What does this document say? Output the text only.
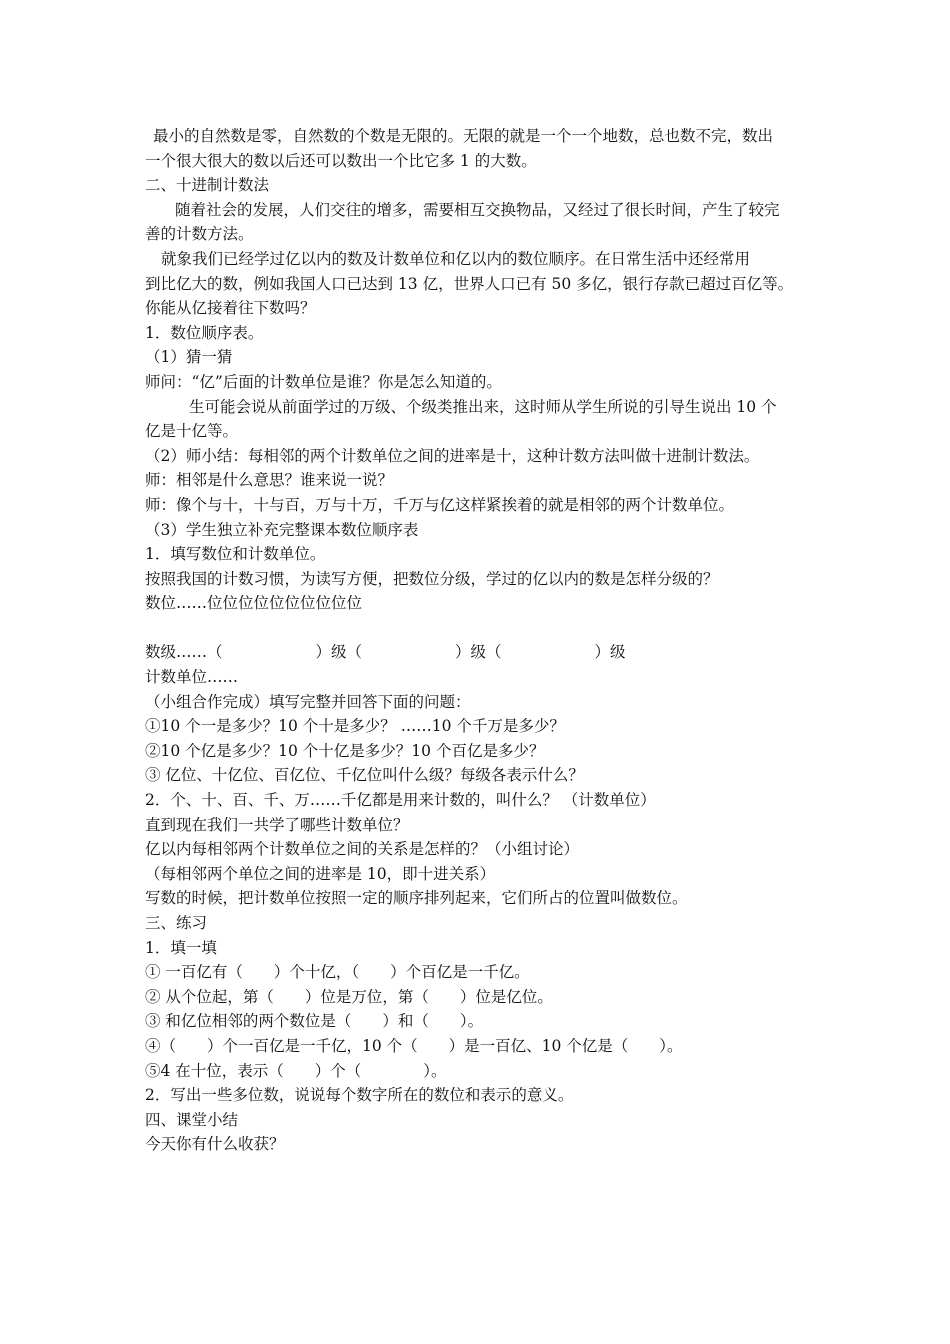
最小的自然数是零，自然数的个数是无限的。无限的就是一个一个地数，总也数不完，数出

一个很大很大的数以后还可以数出一个比它多 1 的大数。

二、十进制计数法

随着社会的发展，人们交往的增多，需要相互交换物品，又经过了很长时间，产生了较完

善的计数方法。

就象我们已经学过亿以内的数及计数单位和亿以内的数位顺序。在日常生活中还经常用

到比亿大的数，例如我国人口已达到 13 亿，世界人口已有 50 多亿，银行存款已超过百亿等。

你能从亿接着往下数吗？

1．数位顺序表。

（1）猜一猜

师问：“亿”后面的计数单位是谁？你是怎么知道的。

生可能会说从前面学过的万级、个级类推出来，这时师从学生所说的引导生说出 10 个

亿是十亿等。

（2）师小结：每相邻的两个计数单位之间的进率是十，这种计数方法叫做十进制计数法。

师：相邻是什么意思？谁来说一说？

师：像个与十，十与百，万与十万，千万与亿这样紧挨着的就是相邻的两个计数单位。

（3）学生独立补充完整课本数位顺序表

1．填写数位和计数单位。

按照我国的计数习惯，为读写方便，把数位分级，学过的亿以内的数是怎样分级的？

数位……位位位位位位位位位位

数级……（　　　　　　）级（　　　　　　）级（　　　　　　）级

计数单位……

（小组合作完成）填写完整并回答下面的问题：

①10 个一是多少？10 个十是多少？ ……10 个千万是多少？

②10 个亿是多少？10 个十亿是多少？10 个百亿是多少？

③ 亿位、十亿位、百亿位、千亿位叫什么级？每级各表示什么？

2．个、十、百、千、万……千亿都是用来计数的，叫什么？ （计数单位）

直到现在我们一共学了哪些计数单位？

亿以内每相邻两个计数单位之间的关系是怎样的？（小组讨论）

（每相邻两个单位之间的进率是 10，即十进关系）

写数的时候，把计数单位按照一定的顺序排列起来，它们所占的位置叫做数位。

三、练习

1．填一填

① 一百亿有（　　）个十亿，（　　）个百亿是一千亿。

② 从个位起，第（　　）位是万位，第（　　）位是亿位。

③ 和亿位相邻的两个数位是（　　）和（　　）。

④（　　）个一百亿是一千亿，10 个（　　）是一百亿、10 个亿是（　　）。

⑤4 在十位，表示（　　）个（　　　　）。

2．写出一些多位数，说说每个数字所在的数位和表示的意义。

四、课堂小结

今天你有什么收获？
